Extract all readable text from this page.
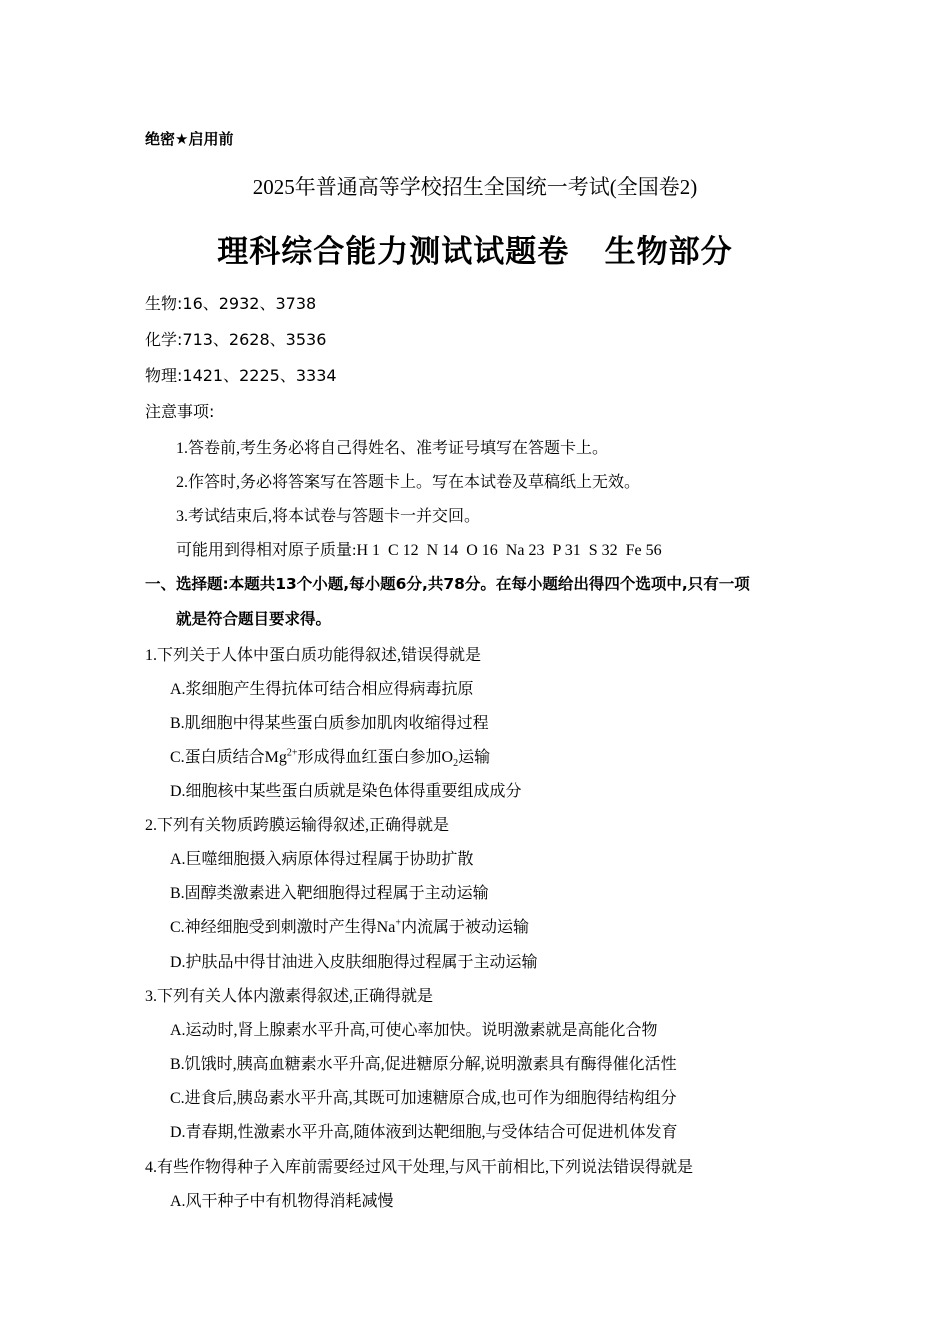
绝密★启用前
2025年普通高等学校招生全国统一考试(全国卷2)
理科综合能力测试试题卷   生物部分
生物:16、2932、3738
化学:713、2628、3536
物理:1421、2225、3334
注意事项:
1.答卷前,考生务必将自己得姓名、准考证号填写在答题卡上。
2.作答时,务必将答案写在答题卡上。写在本试卷及草稿纸上无效。
3.考试结束后,将本试卷与答题卡一并交回。
可能用到得相对原子质量:H 1  C 12  N 14  O 16  Na 23  P 31  S 32  Fe 56
一、选择题:本题共13个小题,每小题6分,共78分。在每小题给出得四个选项中,只有一项
就是符合题目要求得。
1.下列关于人体中蛋白质功能得叙述,错误得就是
A.浆细胞产生得抗体可结合相应得病毒抗原
B.肌细胞中得某些蛋白质参加肌肉收缩得过程
C.蛋白质结合$Mg^{2+}$形成得血红蛋白参加$O_2$运输
D.细胞核中某些蛋白质就是染色体得重要组成成分
2.下列有关物质跨膜运输得叙述,正确得就是
A.巨噬细胞摄入病原体得过程属于协助扩散
B.固醇类激素进入靶细胞得过程属于主动运输
C.神经细胞受到刺激时产生得Na+内流属于被动运输
D.护肤品中得甘油进入皮肤细胞得过程属于主动运输
3.下列有关人体内激素得叙述,正确得就是
A.运动时,肾上腺素水平升高,可使心率加快。说明激素就是高能化合物
B.饥饿时,胰高血糖素水平升高,促进糖原分解,说明激素具有酶得催化活性
C.进食后,胰岛素水平升高,其既可加速糖原合成,也可作为细胞得结构组分
D.青春期,性激素水平升高,随体液到达靶细胞,与受体结合可促进机体发育
4.有些作物得种子入库前需要经过风干处理,与风干前相比,下列说法错误得就是
A.风干种子中有机物得消耗减慢
